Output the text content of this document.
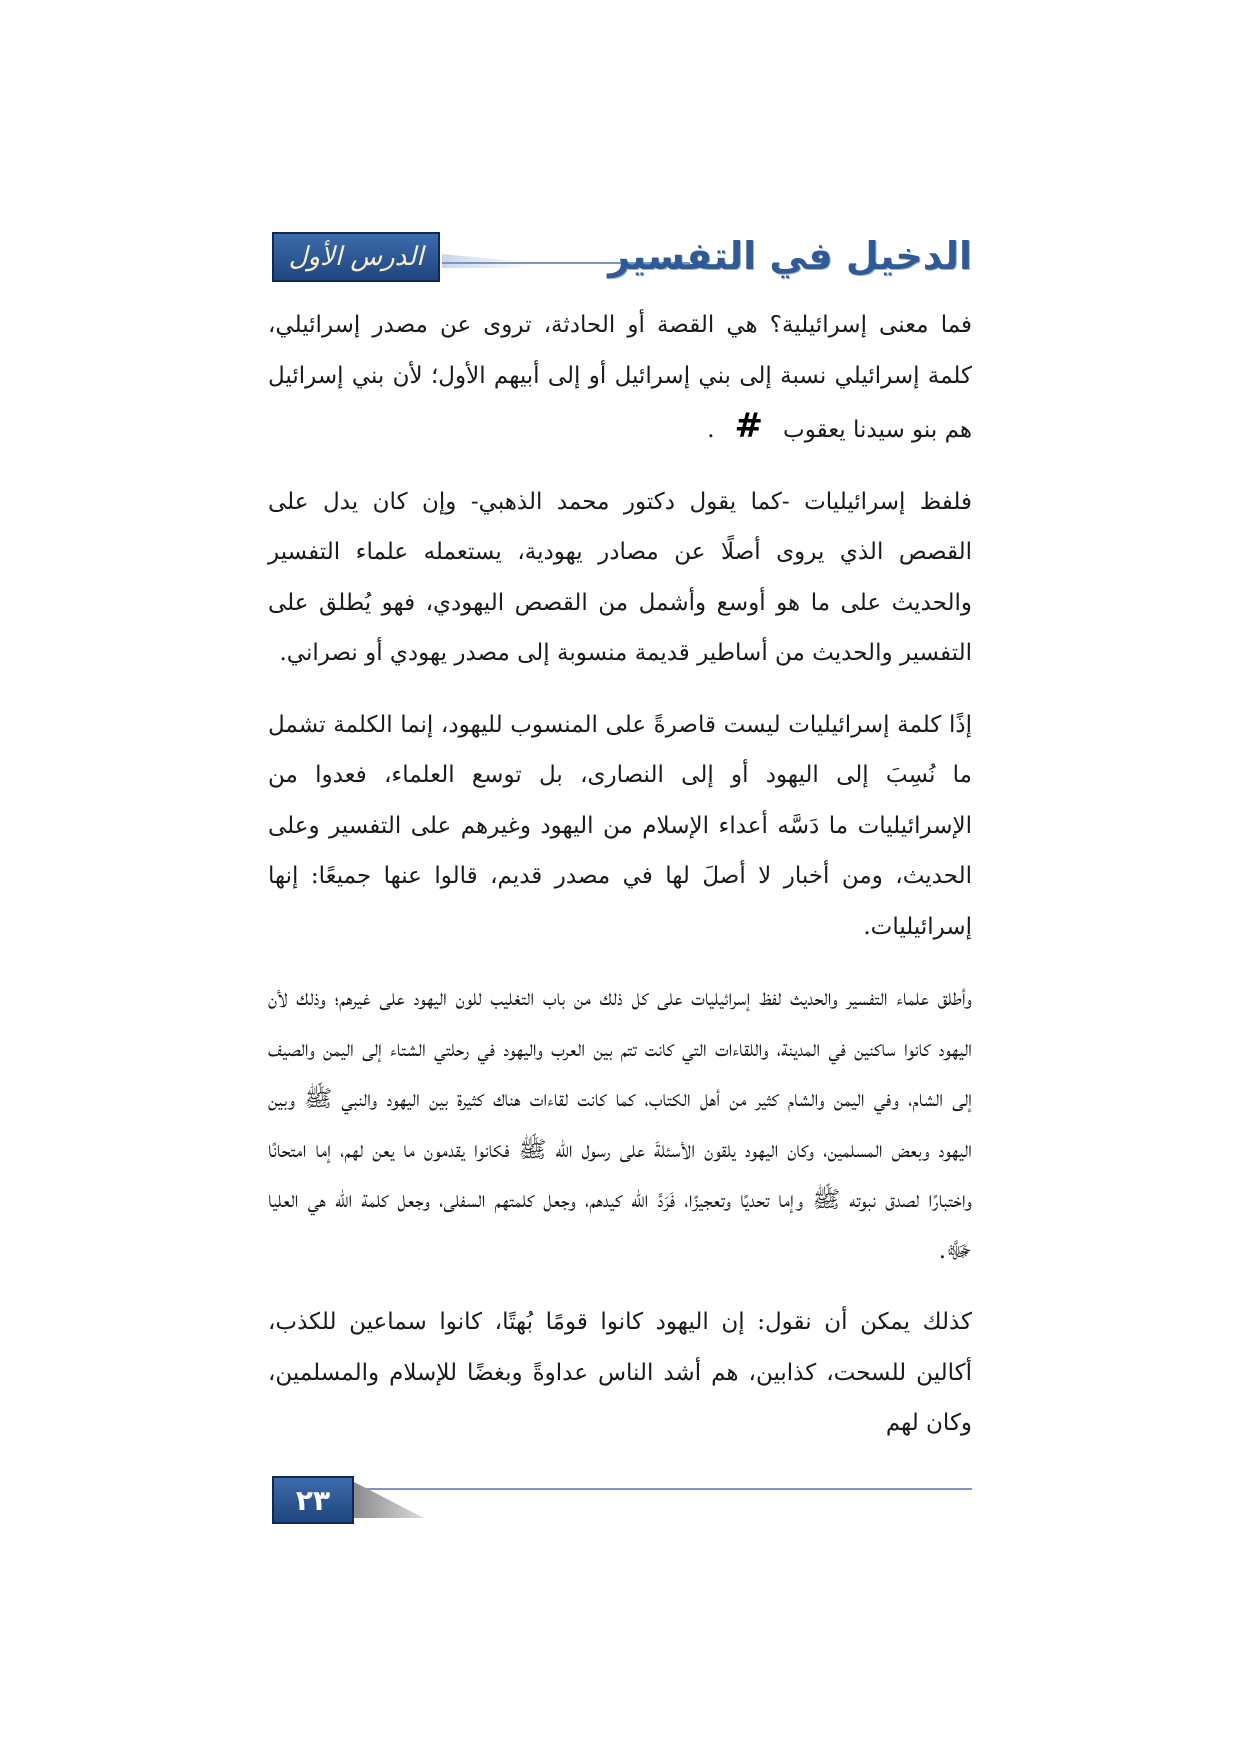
الدرس الأول	الدخيل في التفسير

فما معنى إسرائيلية؟ هي القصة أو الحادثة، تروى عن مصدر إسرائيلي، كلمة إسرائيلي نسبة إلى بني إسرائيل أو إلى أبيهم الأول؛ لأن بني إسرائيل هم بنو سيدنا يعقوب#.

فلفظ إسرائيليات -كما يقول دكتور محمد الذهبي- وإن كان يدل على القصص الذي يروى أصلًا عن مصادر يهودية، يستعمله علماء التفسير والحديث على ما هو أوسع وأشمل من القصص اليهودي، فهو يُطلق على التفسير والحديث من أساطير قديمة منسوبة إلى مصدر يهودي أو نصراني.

إذًا كلمة إسرائيليات ليست قاصرةً على المنسوب لليهود، إنما الكلمة تشمل ما نُسِبَ إلى اليهود أو إلى النصارى، بل توسع العلماء، فعدوا من الإسرائيليات ما دَسَّه أعداء الإسلام من اليهود وغيرهم على التفسير وعلى الحديث، ومن أخبار لا أصلَ لها في مصدر قديم، قالوا عنها جميعًا: إنها إسرائيليات.

وأطلق علماء التفسير والحديث لفظ إسرائيليات على كل ذلك من باب التغليب للون اليهود على غيرهم؛ وذلك لأن اليهود كانوا ساكنين في المدينة، واللقاءات التي كانت تتم بين العرب واليهود في رحلتي الشتاء إلى اليمن والصيف إلى الشام، وفي اليمن والشام كثير من أهل الكتاب، كما كانت لقاءات هناك كثيرة بين اليهود والنبي ﷺ وبين اليهود وبعض المسلمين، وكان اليهود يلقون الأسئلةَ على رسول الله ﷺ فكانوا يقدمون ما يعن لهم، إما امتحانًا واختبارًا لصدق نبوته ﷺ وإما تحديًا وتعجيزًا، فَرَدَّ الله كيدهم، وجعل كلمتهم السفلى، وجعل كلمة الله هي العليا ﷻ.

كذلك يمكن أن نقول: إن اليهود كانوا قومًا بُهتًا، كانوا سماعين للكذب، أكالين للسحت، كذابين، هم أشد الناس عداوةً وبغضًا للإسلام والمسلمين، وكان لهم

٢٣
